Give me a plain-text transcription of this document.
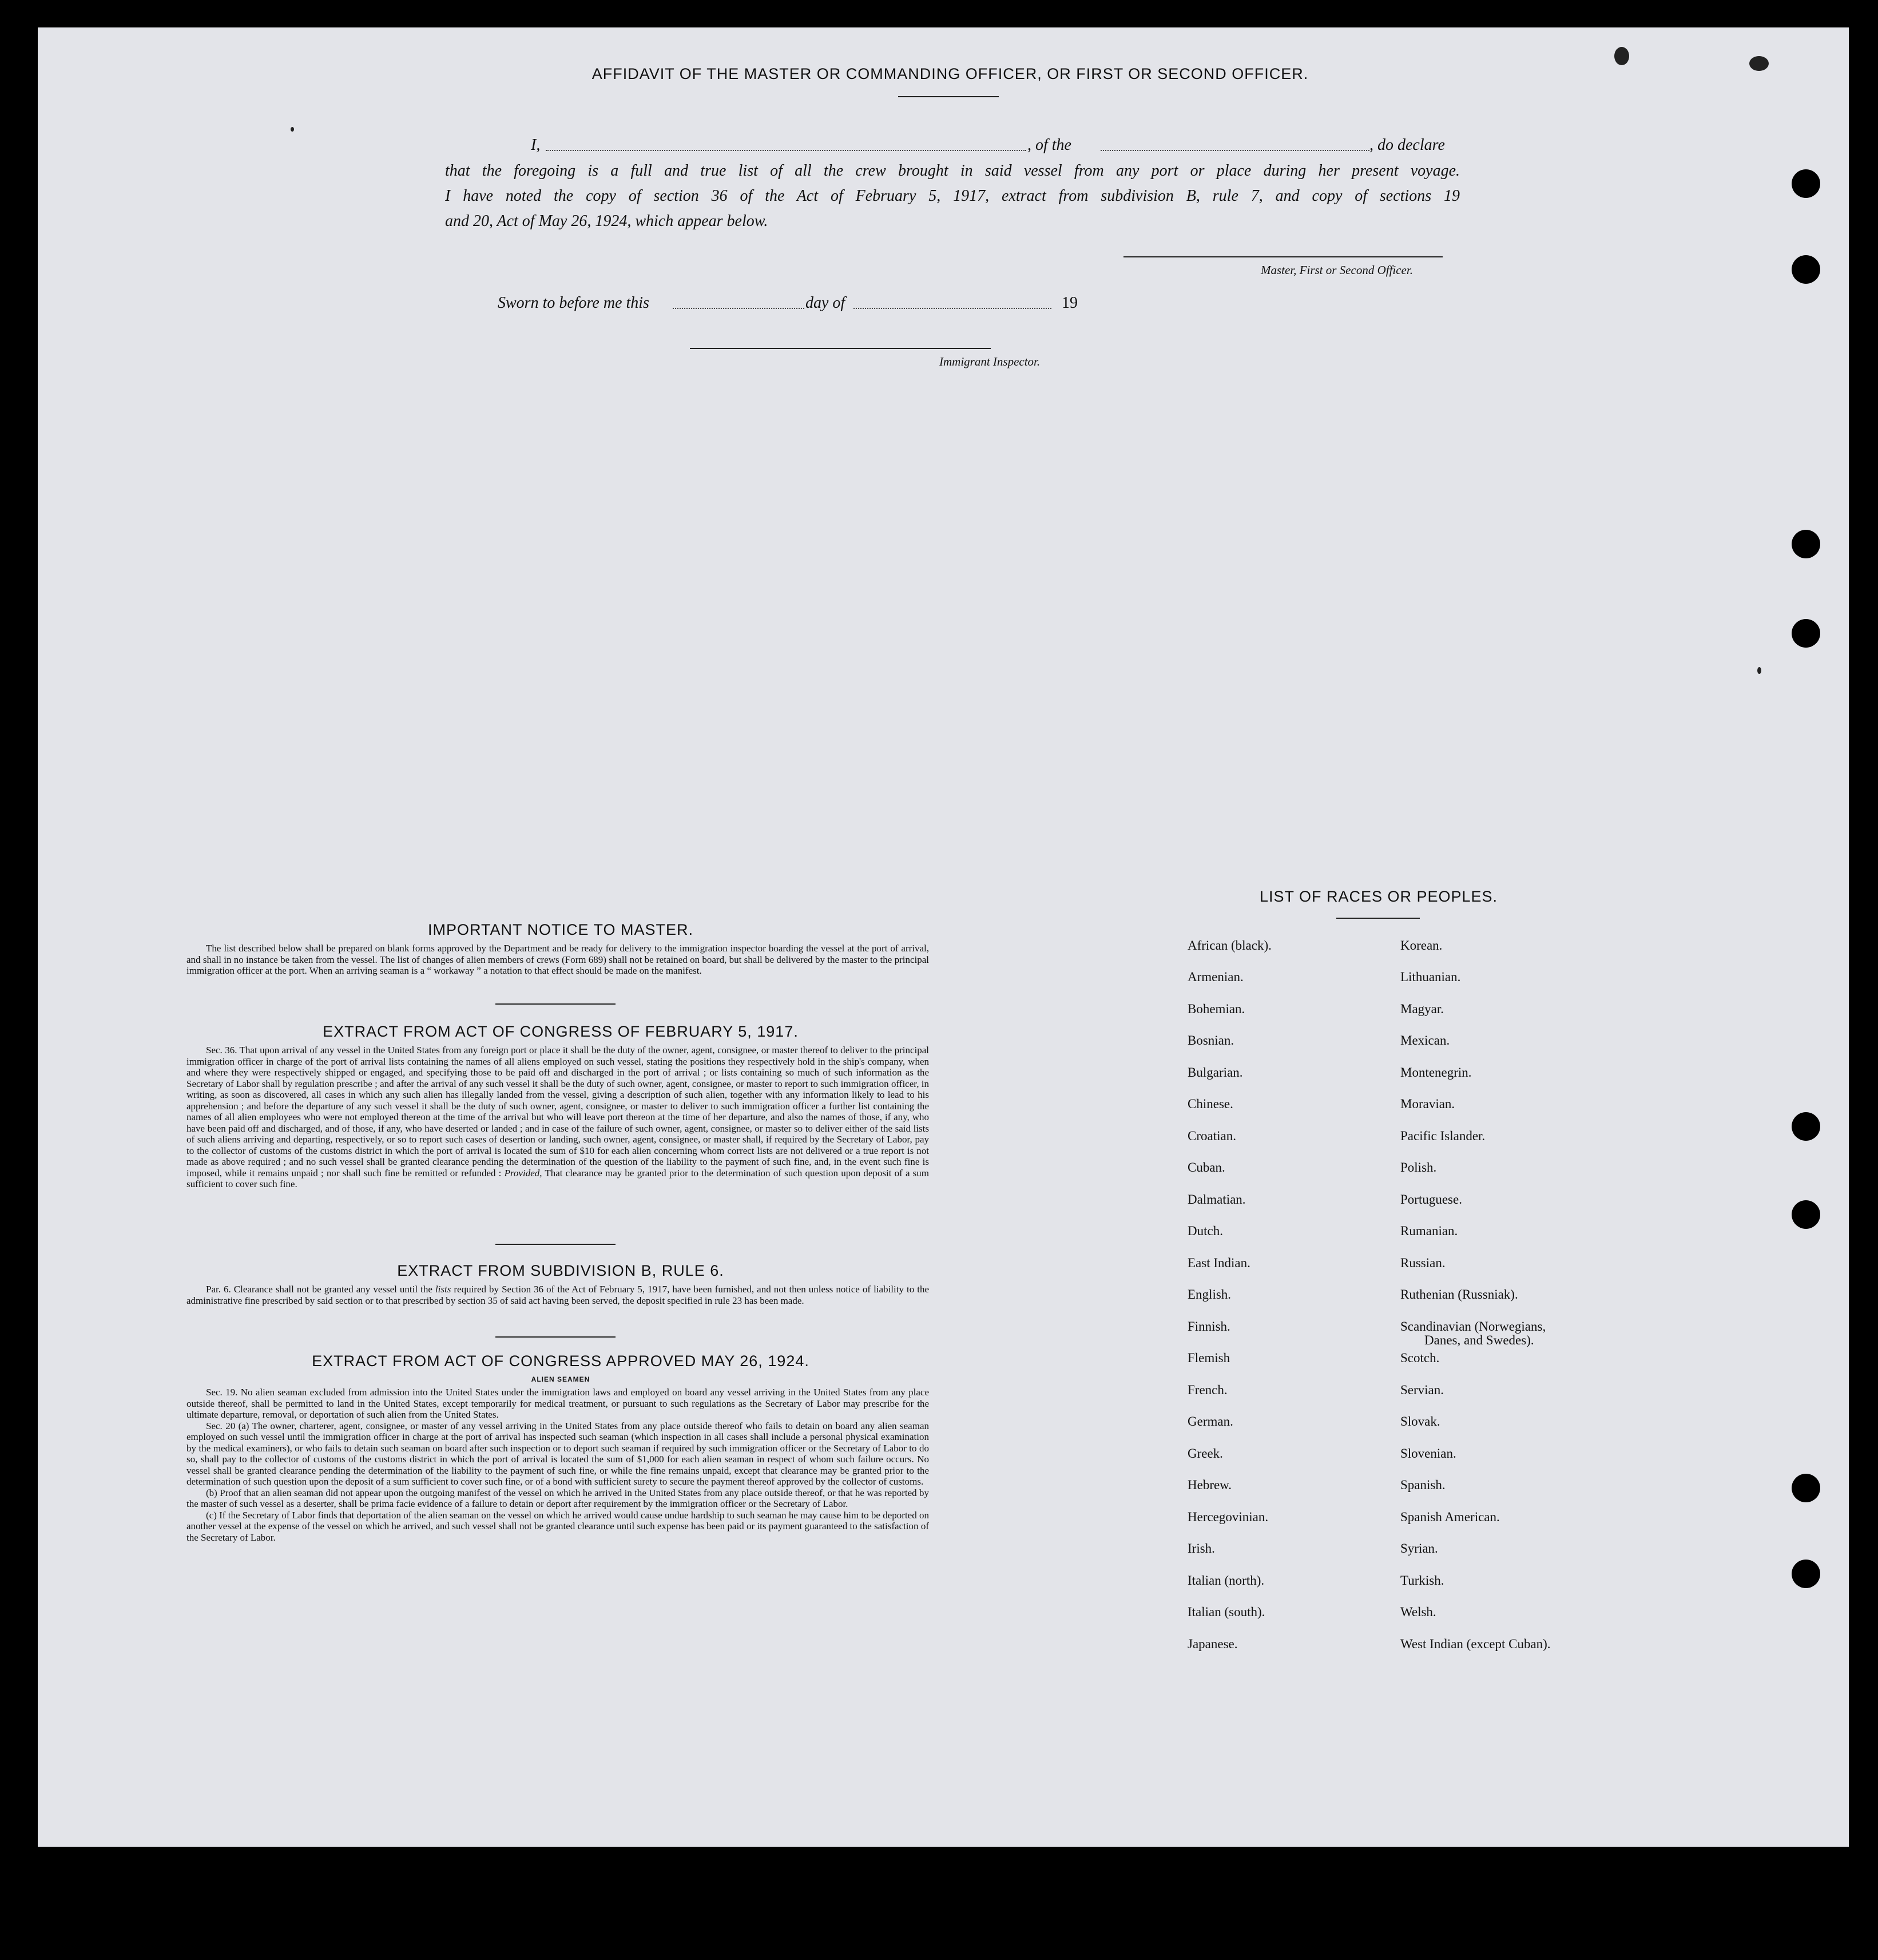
AFFIDAVIT OF THE MASTER OR COMMANDING OFFICER, OR FIRST OR SECOND OFFICER.
I,	, of the	, do declare
that the foregoing is a full and true list of all the crew brought in said vessel from any port or place during her present voyage.
I have noted the copy of section 36 of the Act of February 5, 1917, extract from subdivision B, rule 7, and copy of sections 19
and 20, Act of May 26, 1924, which appear below.
Master, First or Second Officer.
Sworn to before me this	day of	19
Immigrant Inspector.
IMPORTANT NOTICE TO MASTER.

The list described below shall be prepared on blank forms approved by the Department and be ready for delivery to the immigration inspector boarding the vessel at the port of arrival, and shall in no instance be taken from the vessel. The list of changes of alien members of crews (Form 689) shall not be retained on board, but shall be delivered by the master to the principal immigration officer at the port. When an arriving seaman is a “ workaway ” a notation to that effect should be made on the manifest.

EXTRACT FROM ACT OF CONGRESS OF FEBRUARY 5, 1917.

Sec. 36. That upon arrival of any vessel in the United States from any foreign port or place it shall be the duty of the owner, agent, consignee, or master thereof to deliver to the principal immigration officer in charge of the port of arrival lists containing the names of all aliens employed on such vessel, stating the positions they respectively hold in the ship's company, when and where they were respectively shipped or engaged, and specifying those to be paid off and discharged in the port of arrival ; or lists containing so much of such information as the Secretary of Labor shall by regulation prescribe ; and after the arrival of any such vessel it shall be the duty of such owner, agent, consignee, or master to report to such immigration officer, in writing, as soon as discovered, all cases in which any such alien has illegally landed from the vessel, giving a description of such alien, together with any information likely to lead to his apprehension ; and before the departure of any such vessel it shall be the duty of such owner, agent, consignee, or master to deliver to such immigration officer a further list containing the names of all alien employees who were not employed thereon at the time of the arrival but who will leave port thereon at the time of her departure, and also the names of those, if any, who have been paid off and discharged, and of those, if any, who have deserted or landed ; and in case of the failure of such owner, agent, consignee, or master so to deliver either of the said lists of such aliens arriving and departing, respectively, or so to report such cases of desertion or landing, such owner, agent, consignee, or master shall, if required by the Secretary of Labor, pay to the collector of customs of the customs district in which the port of arrival is located the sum of $10 for each alien concerning whom correct lists are not delivered or a true report is not made as above required ; and no such vessel shall be granted clearance pending the determination of the question of the liability to the payment of such fine, and, in the event such fine is imposed, while it remains unpaid ; nor shall such fine be remitted or refunded : Provided, That clearance may be granted prior to the determination of such question upon deposit of a sum sufficient to cover such fine.

EXTRACT FROM SUBDIVISION B, RULE 6.

Par. 6. Clearance shall not be granted any vessel until the lists required by Section 36 of the Act of February 5, 1917, have been furnished, and not then unless notice of liability to the administrative fine prescribed by said section or to that prescribed by section 35 of said act having been served, the deposit specified in rule 23 has been made.

EXTRACT FROM ACT OF CONGRESS APPROVED MAY 26, 1924.
ALIEN SEAMEN

Sec. 19. No alien seaman excluded from admission into the United States under the immigration laws and employed on board any vessel arriving in the United States from any place outside thereof, shall be permitted to land in the United States, except temporarily for medical treatment, or pursuant to such regulations as the Secretary of Labor may prescribe for the ultimate departure, removal, or deportation of such alien from the United States.

Sec. 20 (a) The owner, charterer, agent, consignee, or master of any vessel arriving in the United States from any place outside thereof who fails to detain on board any alien seaman employed on such vessel until the immigration officer in charge at the port of arrival has inspected such seaman (which inspection in all cases shall include a personal physical examination by the medical examiners), or who fails to detain such seaman on board after such inspection or to deport such seaman if required by such immigration officer or the Secretary of Labor to do so, shall pay to the collector of customs of the customs district in which the port of arrival is located the sum of $1,000 for each alien seaman in respect of whom such failure occurs. No vessel shall be granted clearance pending the determination of the liability to the payment of such fine, or while the fine remains unpaid, except that clearance may be granted prior to the determination of such question upon the deposit of a sum sufficient to cover such fine, or of a bond with sufficient surety to secure the payment thereof approved by the collector of customs.

(b) Proof that an alien seaman did not appear upon the outgoing manifest of the vessel on which he arrived in the United States from any place outside thereof, or that he was reported by the master of such vessel as a deserter, shall be prima facie evidence of a failure to detain or deport after requirement by the immigration officer or the Secretary of Labor.

(c) If the Secretary of Labor finds that deportation of the alien seaman on the vessel on which he arrived would cause undue hardship to such seaman he may cause him to be deported on another vessel at the expense of the vessel on which he arrived, and such vessel shall not be granted clearance until such expense has been paid or its payment guaranteed to the satisfaction of the Secretary of Labor.

LIST OF RACES OR PEOPLES.
African (black).
Armenian.
Bohemian.
Bosnian.
Bulgarian.
Chinese.
Croatian.
Cuban.
Dalmatian.
Dutch.
East Indian.
English.
Finnish.
Flemish
French.
German.
Greek.
Hebrew.
Hercegovinian.
Irish.
Italian (north).
Italian (south).
Japanese.
Korean.
Lithuanian.
Magyar.
Mexican.
Montenegrin.
Moravian.
Pacific Islander.
Polish.
Portuguese.
Rumanian.
Russian.
Ruthenian (Russniak).
Scandinavian (Norwegians,
Danes, and Swedes).
Scotch.
Servian.
Slovak.
Slovenian.
Spanish.
Spanish American.
Syrian.
Turkish.
Welsh.
West Indian (except Cuban).
